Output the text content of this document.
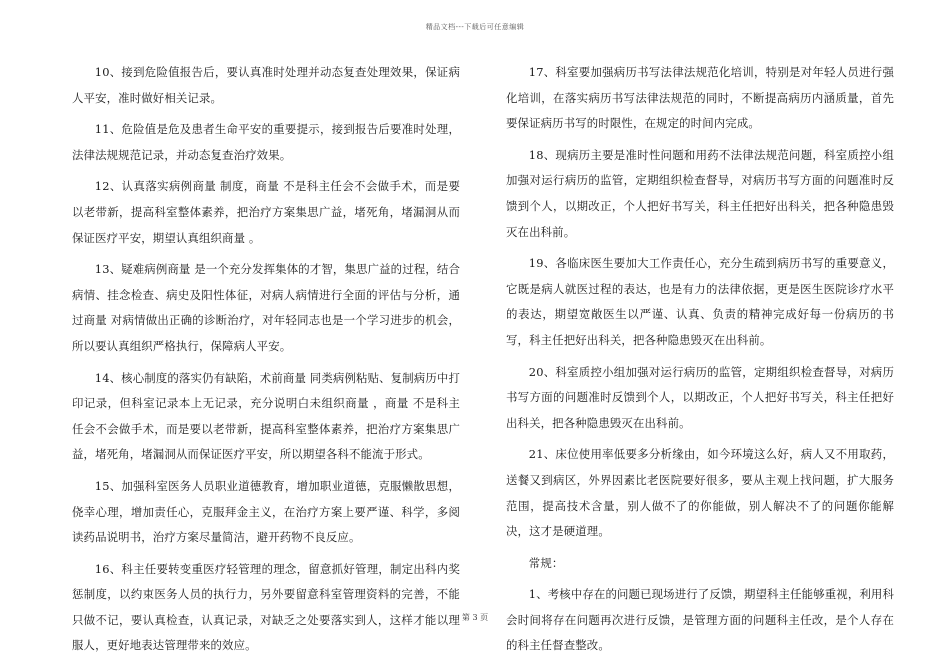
精品文档---下载后可任意编辑

10、接到危险值报告后，要认真准时处理并动态复查处理效果，保证病人平安，准时做好相关记录。

11、危险值是危及患者生命平安的重要提示，接到报告后要准时处理，法律法规规范记录，并动态复查治疗效果。

12、认真落实病例商量 制度，商量 不是科主任会不会做手术，而是要以老带新，提高科室整体素养，把治疗方案集思广益，堵死角，堵漏洞从而保证医疗平安，期望认真组织商量 。

13、疑难病例商量 是一个充分发挥集体的才智，集思广益的过程，结合病情、挂念检查、病史及阳性体征，对病人病情进行全面的评估与分析，通过商量 对病情做出正确的诊断治疗，对年轻同志也是一个学习进步的机会，所以要认真组织严格执行，保障病人平安。

14、核心制度的落实仍有缺陷，术前商量 同类病例粘贴、复制病历中打印记录，但科室记录本上无记录，充分说明白未组织商量 ，商量 不是科主任会不会做手术，而是要以老带新，提高科室整体素养，把治疗方案集思广益，堵死角，堵漏洞从而保证医疗平安，所以期望各科不能流于形式。

15、加强科室医务人员职业道德教育，增加职业道德，克服懒散思想，侥幸心理，增加责任心，克服拜金主义，在治疗方案上要严谨、科学，多阅读药品说明书，治疗方案尽量简洁，避开药物不良反应。

16、科主任要转变重医疗轻管理的理念，留意抓好管理，制定出科内奖惩制度，以约束医务人员的执行力，另外要留意科室管理资料的完善，不能只做不记，要认真检查，认真记录，对缺乏之处要落实到人，这样才能以理服人，更好地表达管理带来的效应。

17、科室要加强病历书写法律法规范化培训，特别是对年轻人员进行强化培训，在落实病历书写法律法规范的同时，不断提高病历内涵质量，首先要保证病历书写的时限性，在规定的时间内完成。

18、现病历主要是准时性问题和用药不法律法规范问题，科室质控小组加强对运行病历的监管，定期组织检查督导，对病历书写方面的问题准时反馈到个人，以期改正，个人把好书写关，科主任把好出科关，把各种隐患毁灭在出科前。

19、各临床医生要加大工作责任心，充分生疏到病历书写的重要意义，它既是病人就医过程的表达，也是有力的法律依据，更是医生医院诊疗水平的表达，期望宽敞医生以严谨、认真、负责的精神完成好每一份病历的书写，科主任把好出科关，把各种隐患毁灭在出科前。

20、科室质控小组加强对运行病历的监管，定期组织检查督导，对病历书写方面的问题准时反馈到个人，以期改正，个人把好书写关，科主任把好出科关，把各种隐患毁灭在出科前。

21、床位使用率低要多分析缘由，如今环境这么好，病人又不用取药，送餐又到病区，外界因素比老医院要好很多，要从主观上找问题，扩大服务范围，提高技术含量，别人做不了的你能做，别人解决不了的问题你能解决，这才是硬道理。

常规：

1、考核中存在的问题已现场进行了反馈，期望科主任能够重视，利用科会时间将存在问题再次进行反馈，是管理方面的问题科主任改，是个人存在的科主任督查整改。

第 3 页
